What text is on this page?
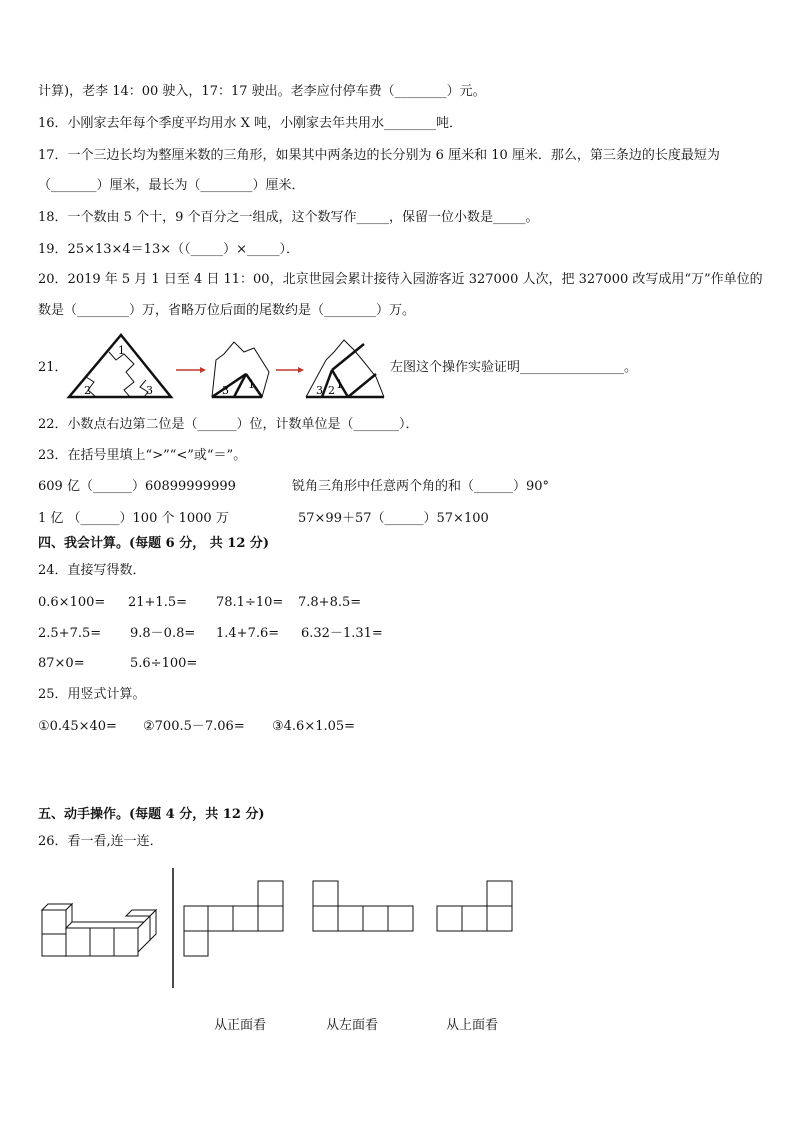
计算)，老李 14：00 驶入，17：17 驶出。老李应付停车费（________）元。
16．小刚家去年每个季度平均用水 X 吨，小刚家去年共用水________吨．
17．一个三边长均为整厘米数的三角形，如果其中两条边的长分别为 6 厘米和 10 厘米．那么，第三条边的长度最短为
（_______）厘米，最长为（________）厘米．
18．一个数由 5 个十，9 个百分之一组成，这个数写作_____，保留一位小数是_____。
19．25×13×4＝13×（（_____）×_____）．
20．2019 年 5 月 1 日至 4 日 11：00，北京世园会累计接待入园游客近 327000 人次，把 327000 改写成用“万”作单位的
数是（________）万，省略万位后面的尾数约是（________）万。
21．
1
2	3	3 1	3 2 1
左图这个操作实验证明________________。
22．小数点右边第二位是（______）位，计数单位是（_______）．
23．在括号里填上“>”“<”或“＝”。
609 亿（______）60899999999	锐角三角形中任意两个角的和（______）90°
1 亿 （______）100 个 1000 万	57×99＋57（______）57×100
四、我会计算。(每题 6 分， 共 12 分)
24．直接写得数．
0.6×100= 21+1.5= 78.1÷10= 7.8+8.5=
2.5+7.5= 9.8－0.8= 1.4+7.6= 6.32－1.31=
87×0=	5.6÷100=
25．用竖式计算。
①0.45×40= ②700.5－7.06= ③4.6×1.05=
五、动手操作。(每题 4 分，共 12 分)
26．看一看,连一连．
从正面看	从左面看	从上面看
